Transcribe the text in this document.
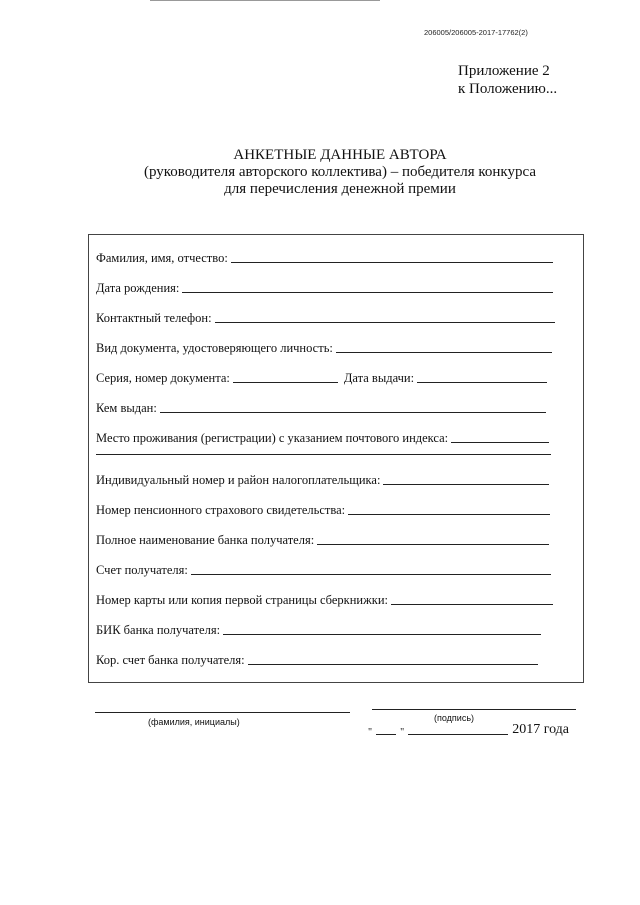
206005/206005-2017-17762(2)
Приложение 2
к Положению...
АНКЕТНЫЕ ДАННЫЕ АВТОРА
(руководителя авторского коллектива) – победителя конкурса
для перечисления денежной премии
Фамилия, имя, отчество:
Дата рождения:
Контактный телефон:
Вид документа, удостоверяющего личность:
Серия, номер документа:	Дата выдачи:
Кем выдан:
Место проживания (регистрации) с указанием почтового индекса:
Индивидуальный номер и район налогоплательщика:
Номер пенсионного страхового свидетельства:
Полное наименование банка получателя:
Счет получателя:
Номер карты или копия первой страницы сберкнижки:
БИК банка получателя:
Кор. счет банка получателя:
(фамилия, инициалы)	(подпись)
"	"	2017 года
